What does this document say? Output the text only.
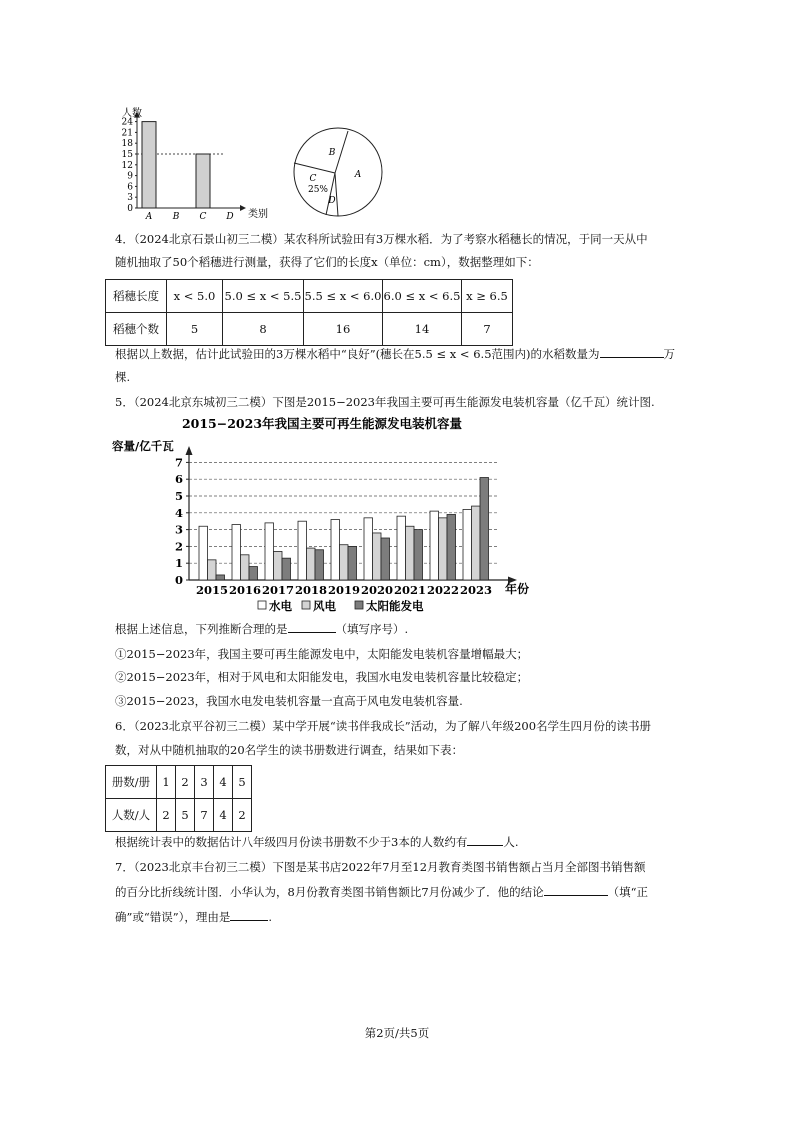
人数
类别
0
3
6
9
12
15
18
21
24
A B C D
A
B
C
D
25%
4．（2024北京石景山初三二模）某农科所试验田有3万棵水稻．为了考察水稻穗长的情况，于同一天从中
随机抽取了50个稻穗进行测量，获得了它们的长度x（单位：cm），数据整理如下：
稻穗长度	x < 5.0	5.0 ≤ x < 5.5	5.5 ≤ x < 6.0	6.0 ≤ x < 6.5	x ≥ 6.5
稻穗个数	5	8	16	14	7
根据以上数据，估计此试验田的3万棵水稻中“良好”(穗长在5.5 ≤ x < 6.5范围内)的水稻数量为	万
棵.
5．（2024北京东城初三二模）下图是2015−2023年我国主要可再生能源发电装机容量（亿千瓦）统计图.
2015−2023年我国主要可再生能源发电装机容量
容量/亿千瓦
年份
0
1
2
3
4
5
6
7
2015 2016 2017 2018 2019 2020 2021 2022 2023
水电 风电	太阳能发电
根据上述信息，下列推断合理的是	（填写序号）.
①2015−2023年，我国主要可再生能源发电中，太阳能发电装机容量增幅最大；
②2015−2023年，相对于风电和太阳能发电，我国水电发电装机容量比较稳定；
③2015−2023，我国水电发电装机容量一直高于风电发电装机容量.
6．（2023北京平谷初三二模）某中学开展“读书伴我成长”活动，为了解八年级200名学生四月份的读书册
数，对从中随机抽取的20名学生的读书册数进行调查，结果如下表：
册数/册	1	2	3	4	5
人数/人	2	5	7	4	2
根据统计表中的数据估计八年级四月份读书册数不少于3本的人数约有	人.
7．（2023北京丰台初三二模）下图是某书店2022年7月至12月教育类图书销售额占当月全部图书销售额
的百分比折线统计图．小华认为，8月份教育类图书销售额比7月份减少了．他的结论	（填“正
确”或“错误”），理由是	.
第2页/共5页
